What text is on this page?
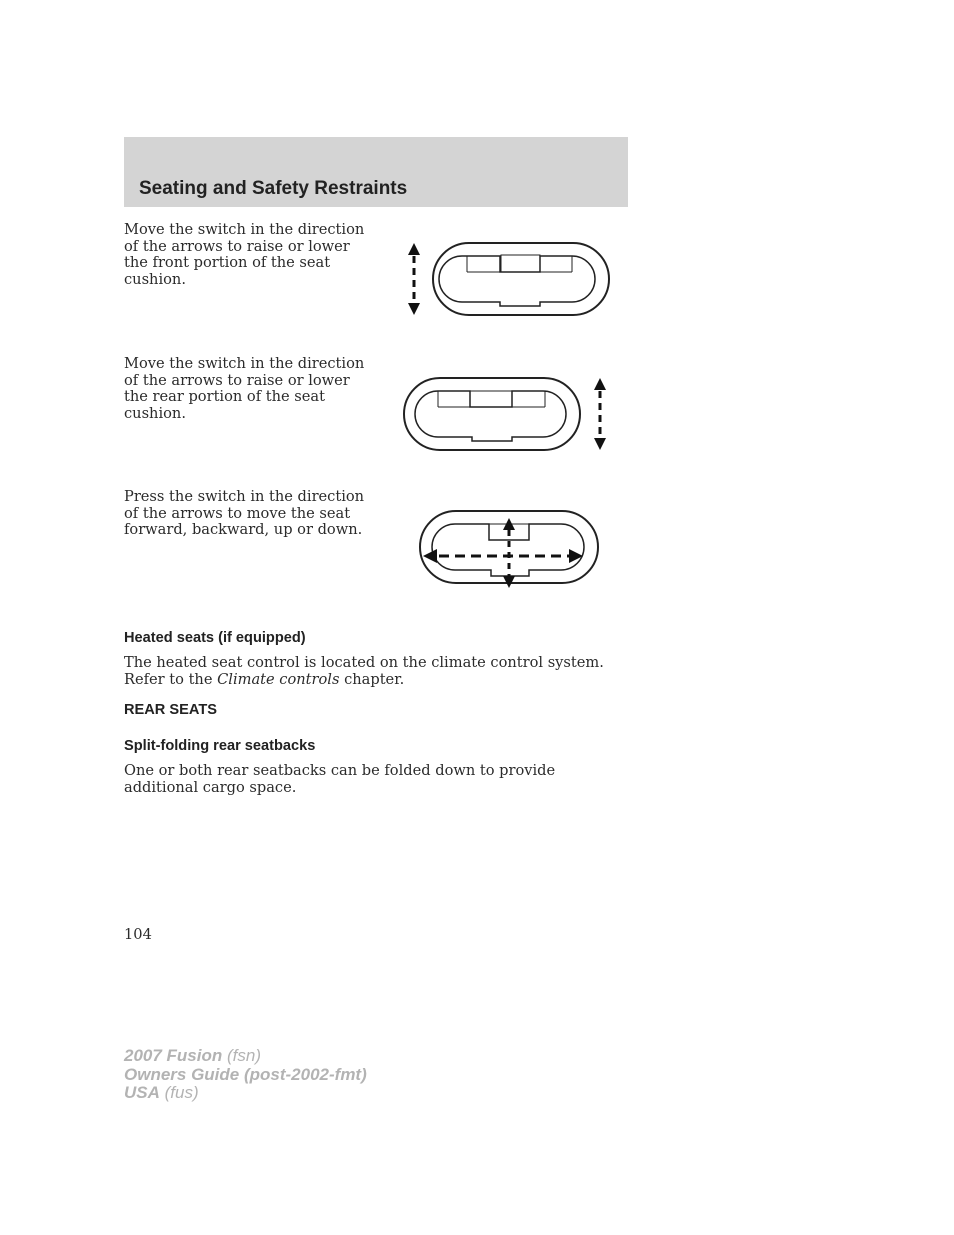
Seating and Safety Restraints
Move the switch in the direction of the arrows to raise or lower the front portion of the seat cushion.
Move the switch in the direction of the arrows to raise or lower the rear portion of the seat cushion.
Press the switch in the direction of the arrows to move the seat forward, backward, up or down.
Heated seats (if equipped)
The heated seat control is located on the climate control system. Refer to the Climate controls chapter.
REAR SEATS
Split-folding rear seatbacks
One or both rear seatbacks can be folded down to provide additional cargo space.
104
2007 Fusion (fsn)
Owners Guide (post-2002-fmt)
USA (fus)
